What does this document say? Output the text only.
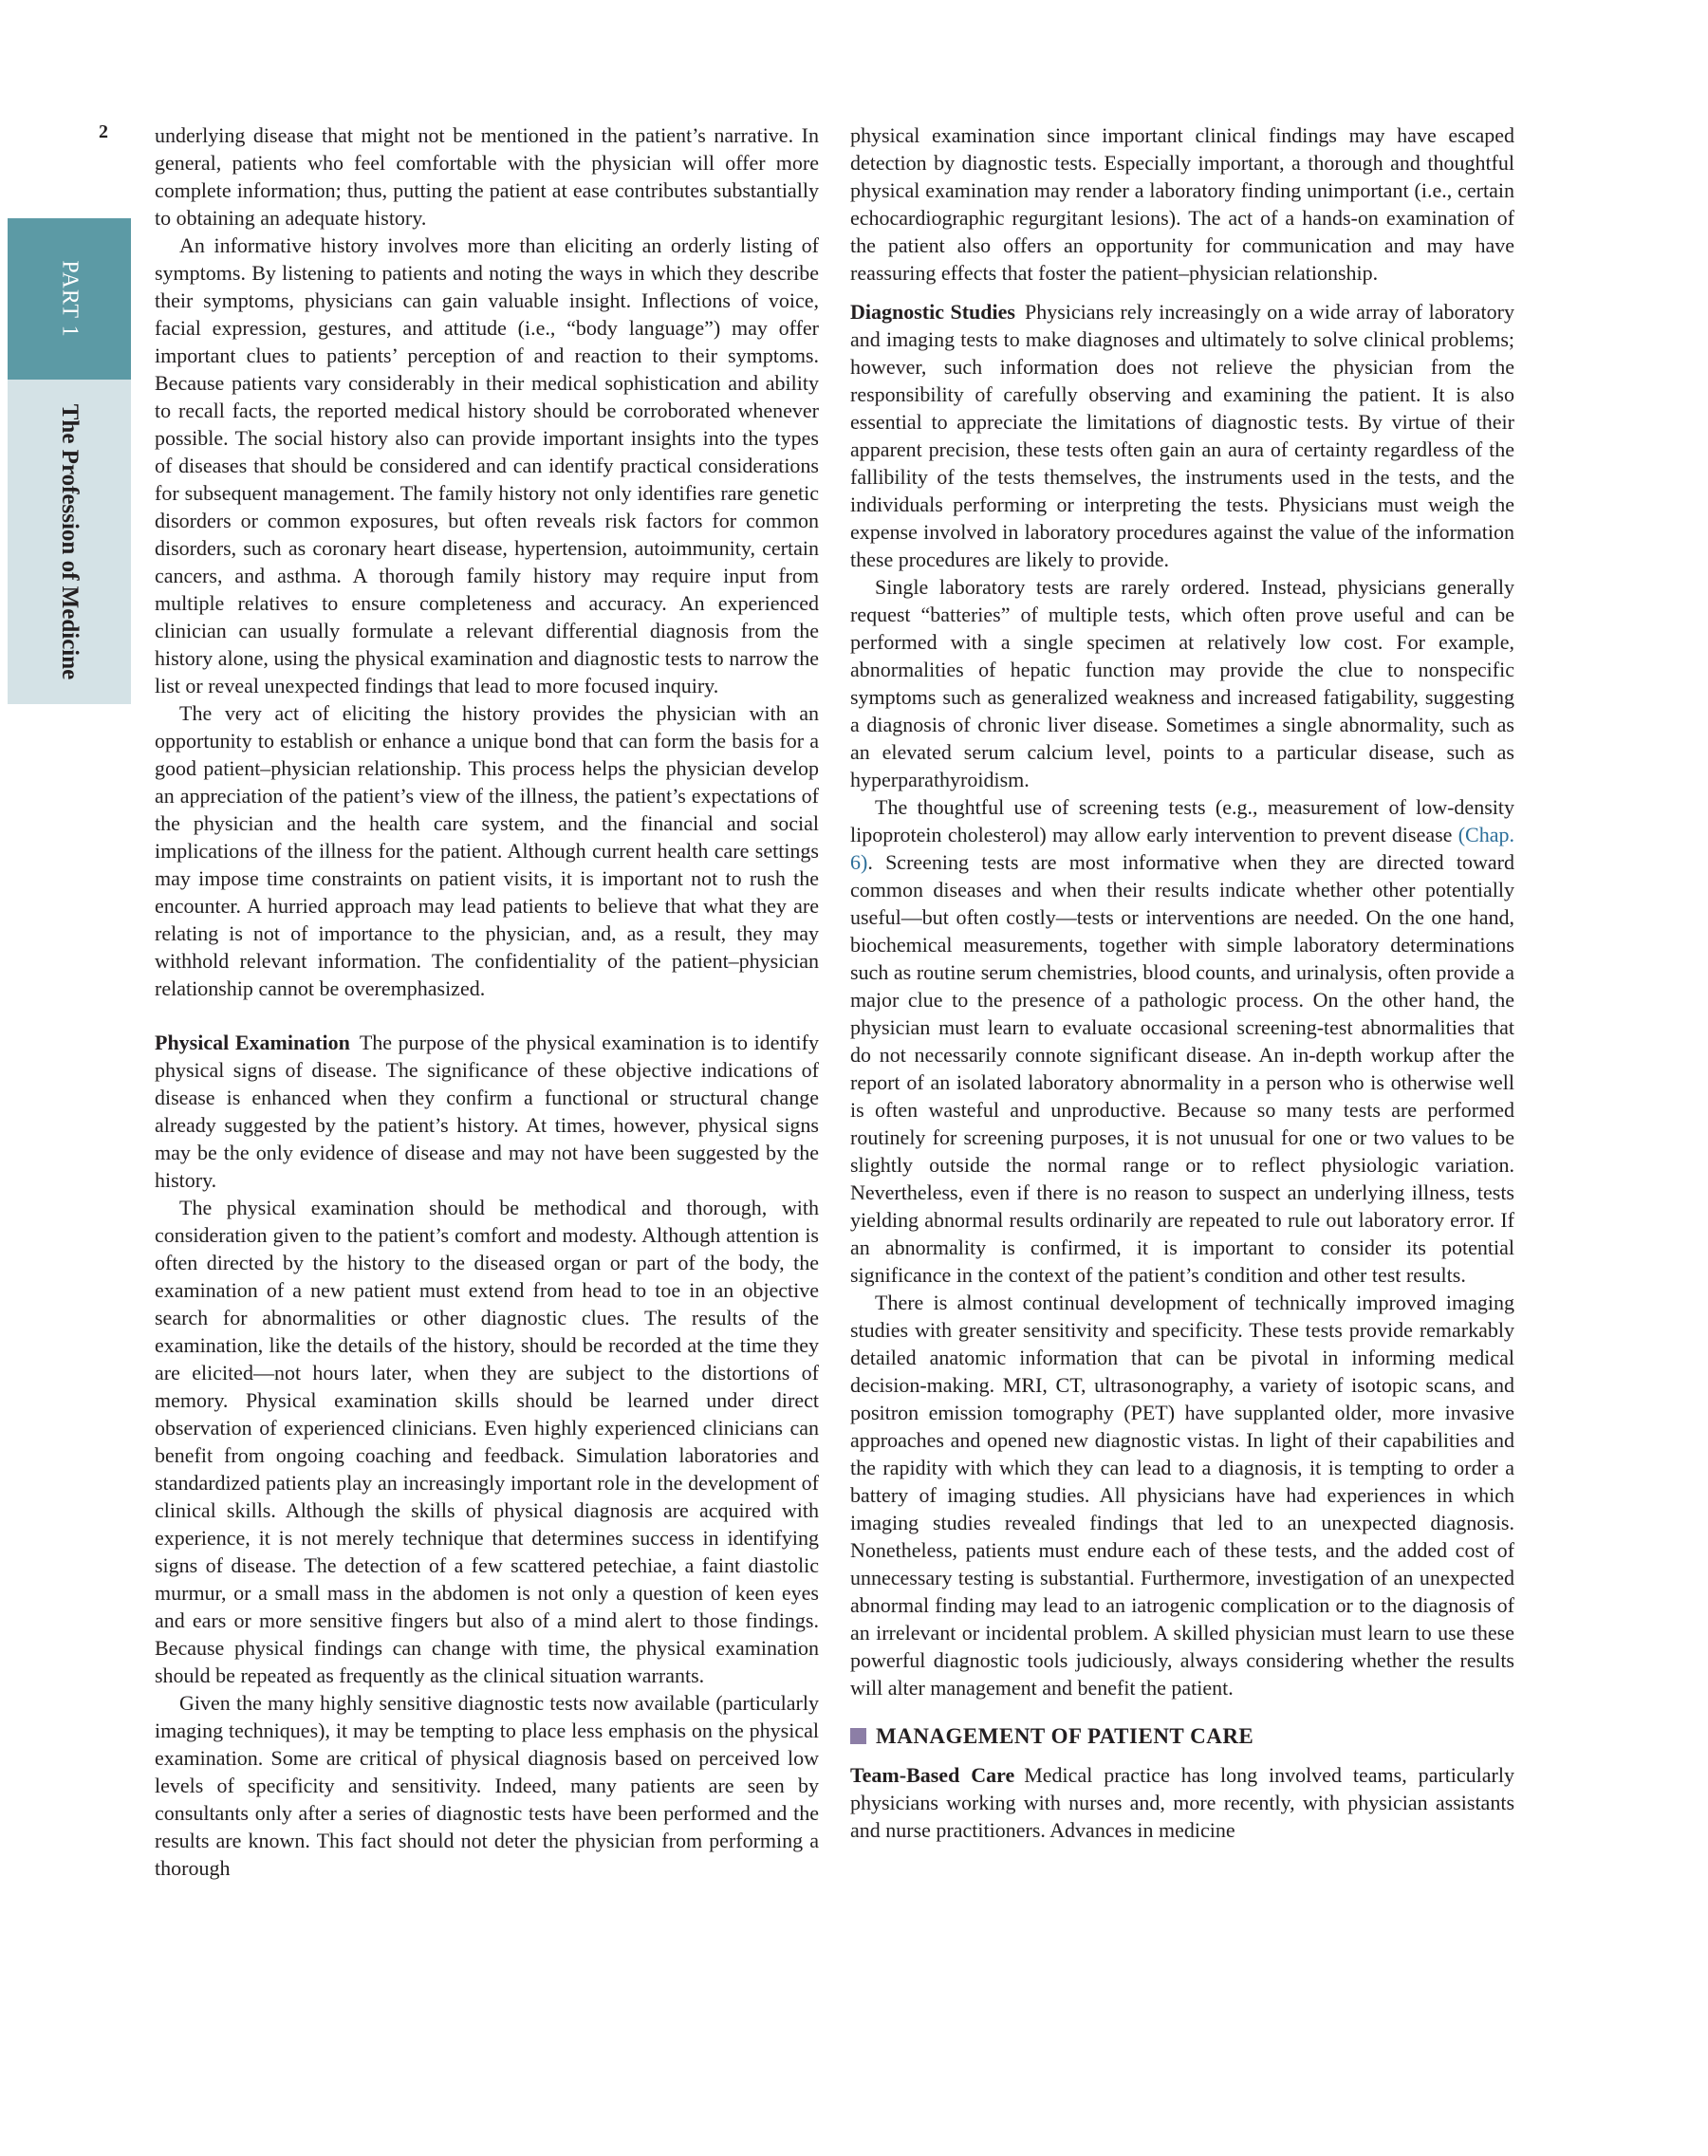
2
PART 1
The Profession of Medicine

underlying disease that might not be mentioned in the patient’s narrative. In general, patients who feel comfortable with the physician will offer more complete information; thus, putting the patient at ease contributes substantially to obtaining an adequate history.

An informative history involves more than eliciting an orderly listing of symptoms. By listening to patients and noting the ways in which they describe their symptoms, physicians can gain valuable insight. Inflections of voice, facial expression, gestures, and attitude (i.e., “body language”) may offer important clues to patients’ perception of and reaction to their symptoms. Because patients vary considerably in their medical sophistication and ability to recall facts, the reported medical history should be corroborated whenever possible. The social history also can provide important insights into the types of diseases that should be considered and can identify practical considerations for subsequent management. The family history not only identifies rare genetic disorders or common exposures, but often reveals risk factors for common disorders, such as coronary heart disease, hypertension, autoimmunity, certain cancers, and asthma. A thorough family history may require input from multiple relatives to ensure completeness and accuracy. An experienced clinician can usually formulate a relevant differential diagnosis from the history alone, using the physical examination and diagnostic tests to narrow the list or reveal unexpected findings that lead to more focused inquiry.

The very act of eliciting the history provides the physician with an opportunity to establish or enhance a unique bond that can form the basis for a good patient–physician relationship. This process helps the physician develop an appreciation of the patient’s view of the illness, the patient’s expectations of the physician and the health care system, and the financial and social implications of the illness for the patient. Although current health care settings may impose time constraints on patient visits, it is important not to rush the encounter. A hurried approach may lead patients to believe that what they are relating is not of importance to the physician, and, as a result, they may withhold relevant information. The confidentiality of the patient–physician relationship cannot be overemphasized.

Physical Examination The purpose of the physical examination is to identify physical signs of disease. The significance of these objective indications of disease is enhanced when they confirm a functional or structural change already suggested by the patient’s history. At times, however, physical signs may be the only evidence of disease and may not have been suggested by the history.

The physical examination should be methodical and thorough, with consideration given to the patient’s comfort and modesty. Although attention is often directed by the history to the diseased organ or part of the body, the examination of a new patient must extend from head to toe in an objective search for abnormalities or other diagnostic clues. The results of the examination, like the details of the history, should be recorded at the time they are elicited—not hours later, when they are subject to the distortions of memory. Physical examination skills should be learned under direct observation of experienced clinicians. Even highly experienced clinicians can benefit from ongoing coaching and feedback. Simulation laboratories and standardized patients play an increasingly important role in the development of clinical skills. Although the skills of physical diagnosis are acquired with experience, it is not merely technique that determines success in identifying signs of disease. The detection of a few scattered petechiae, a faint diastolic murmur, or a small mass in the abdomen is not only a question of keen eyes and ears or more sensitive fingers but also of a mind alert to those findings. Because physical findings can change with time, the physical examination should be repeated as frequently as the clinical situation warrants.

Given the many highly sensitive diagnostic tests now available (particularly imaging techniques), it may be tempting to place less emphasis on the physical examination. Some are critical of physical diagnosis based on perceived low levels of specificity and sensitivity. Indeed, many patients are seen by consultants only after a series of diagnostic tests have been performed and the results are known. This fact should not deter the physician from performing a thorough

physical examination since important clinical findings may have escaped detection by diagnostic tests. Especially important, a thorough and thoughtful physical examination may render a laboratory finding unimportant (i.e., certain echocardiographic regurgitant lesions). The act of a hands-on examination of the patient also offers an opportunity for communication and may have reassuring effects that foster the patient–physician relationship.

Diagnostic Studies Physicians rely increasingly on a wide array of laboratory and imaging tests to make diagnoses and ultimately to solve clinical problems; however, such information does not relieve the physician from the responsibility of carefully observing and examining the patient. It is also essential to appreciate the limitations of diagnostic tests. By virtue of their apparent precision, these tests often gain an aura of certainty regardless of the fallibility of the tests themselves, the instruments used in the tests, and the individuals performing or interpreting the tests. Physicians must weigh the expense involved in laboratory procedures against the value of the information these procedures are likely to provide.

Single laboratory tests are rarely ordered. Instead, physicians generally request “batteries” of multiple tests, which often prove useful and can be performed with a single specimen at relatively low cost. For example, abnormalities of hepatic function may provide the clue to nonspecific symptoms such as generalized weakness and increased fatigability, suggesting a diagnosis of chronic liver disease. Sometimes a single abnormality, such as an elevated serum calcium level, points to a particular disease, such as hyperparathyroidism.

The thoughtful use of screening tests (e.g., measurement of low-density lipoprotein cholesterol) may allow early intervention to prevent disease (Chap. 6). Screening tests are most informative when they are directed toward common diseases and when their results indicate whether other potentially useful—but often costly—tests or interventions are needed. On the one hand, biochemical measurements, together with simple laboratory determinations such as routine serum chemistries, blood counts, and urinalysis, often provide a major clue to the presence of a pathologic process. On the other hand, the physician must learn to evaluate occasional screening-test abnormalities that do not necessarily connote significant disease. An in-depth workup after the report of an isolated laboratory abnormality in a person who is otherwise well is often wasteful and unproductive. Because so many tests are performed routinely for screening purposes, it is not unusual for one or two values to be slightly outside the normal range or to reflect physiologic variation. Nevertheless, even if there is no reason to suspect an underlying illness, tests yielding abnormal results ordinarily are repeated to rule out laboratory error. If an abnormality is confirmed, it is important to consider its potential significance in the context of the patient’s condition and other test results.

There is almost continual development of technically improved imaging studies with greater sensitivity and specificity. These tests provide remarkably detailed anatomic information that can be pivotal in informing medical decision-making. MRI, CT, ultrasonography, a variety of isotopic scans, and positron emission tomography (PET) have supplanted older, more invasive approaches and opened new diagnostic vistas. In light of their capabilities and the rapidity with which they can lead to a diagnosis, it is tempting to order a battery of imaging studies. All physicians have had experiences in which imaging studies revealed findings that led to an unexpected diagnosis. Nonetheless, patients must endure each of these tests, and the added cost of unnecessary testing is substantial. Furthermore, investigation of an unexpected abnormal finding may lead to an iatrogenic complication or to the diagnosis of an irrelevant or incidental problem. A skilled physician must learn to use these powerful diagnostic tools judiciously, always considering whether the results will alter management and benefit the patient.

MANAGEMENT OF PATIENT CARE

Team-Based Care Medical practice has long involved teams, particularly physicians working with nurses and, more recently, with physician assistants and nurse practitioners. Advances in medicine
